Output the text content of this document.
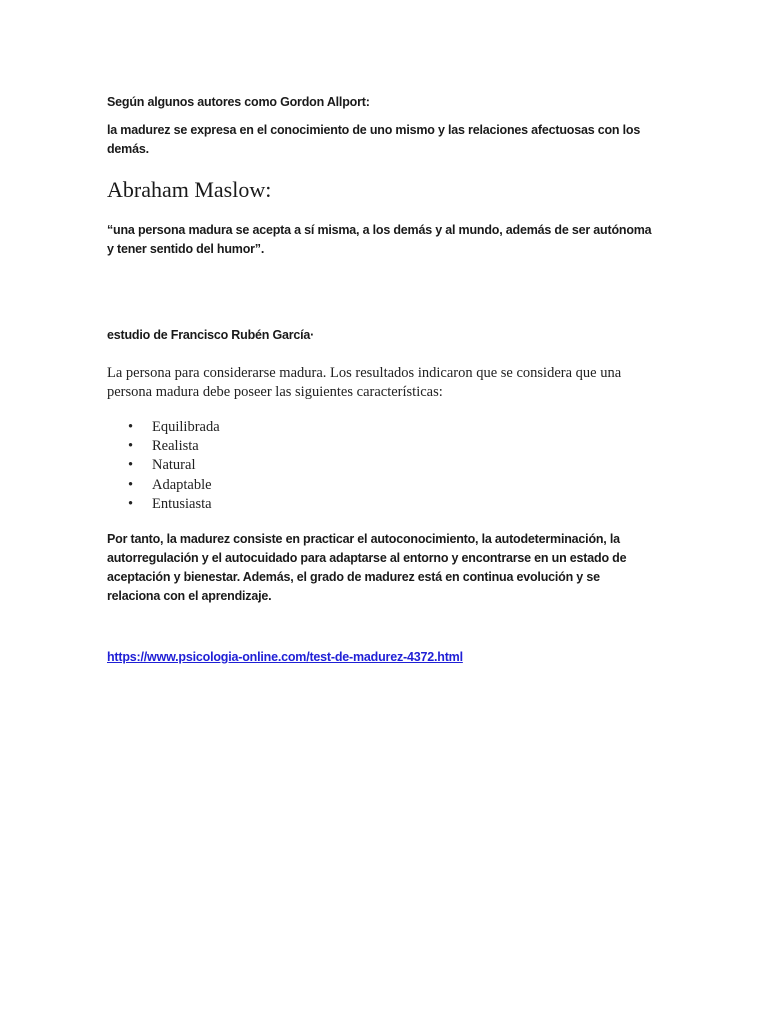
Según algunos autores como Gordon Allport:

la madurez se expresa en el conocimiento de uno mismo y las relaciones afectuosas con los demás.

Abraham Maslow:

“una persona madura se acepta a sí misma, a los demás y al mundo, además de ser autónoma y tener sentido del humor”.

estudio de Francisco Rubén García·

La persona para considerarse madura. Los resultados indicaron que se considera que una persona madura debe poseer las siguientes características:

• Equilibrada
• Realista
• Natural
• Adaptable
• Entusiasta

Por tanto, la madurez consiste en practicar el autoconocimiento, la autodeterminación, la autorregulación y el autocuidado para adaptarse al entorno y encontrarse en un estado de aceptación y bienestar. Además, el grado de madurez está en continua evolución y se relaciona con el aprendizaje.

https://www.psicologia-online.com/test-de-madurez-4372.html
